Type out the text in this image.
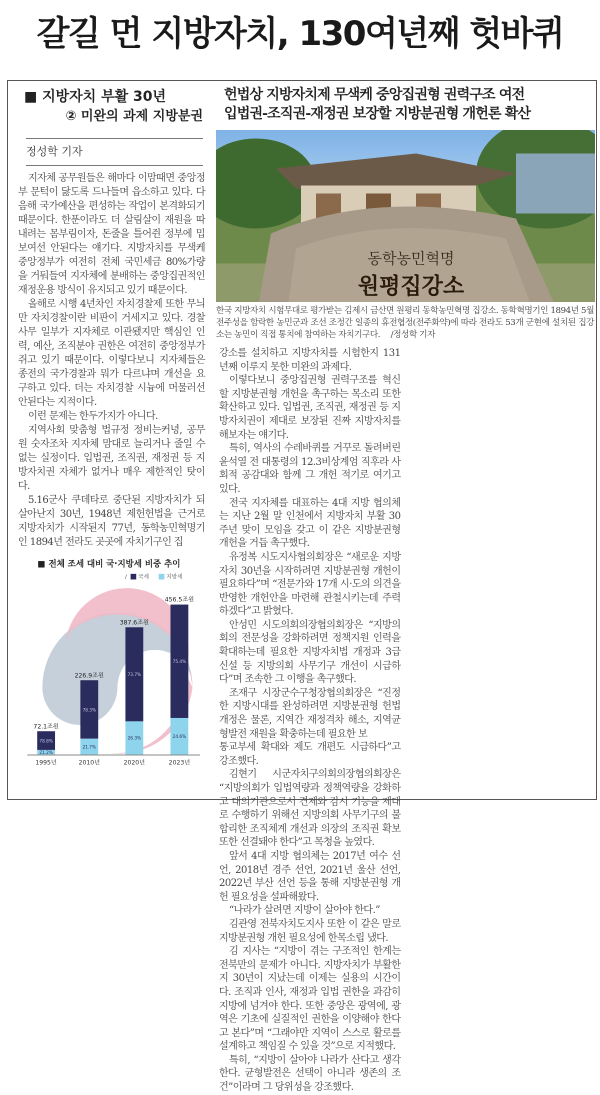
갈길 먼 지방자치, 130여년째 헛바퀴
■ 지방자치 부활 30년
② 미완의 과제 지방분권
정성학 기자

지자체 공무원들은 해마다 이맘때면 중앙정부 문턱이 닳도록 드나들며 읍소하고 있다. 다음해 국가예산을 편성하는 작업이 본격화되기 때문이다. 한푼이라도 더 살림살이 재원을 따내려는 몸부림이자, 돈줄을 틀어쥔 정부에 밉보여선 안된다는 얘기다. 지방자치를 무색케 중앙정부가 여전히 전체 국민세금 80%가량을 거둬들여 지자체에 분배하는 중앙집권적인 재정운용 방식이 유지되고 있기 때문이다.

올해로 시행 4년차인 자치경찰제 또한 무늬만 자치경찰이란 비판이 거세지고 있다. 경찰사무 일부가 지자체로 이관됐지만 핵심인 인력, 예산, 조직분야 권한은 여전히 중앙정부가 쥐고 있기 때문이다. 이렇다보니 지자체들은 종전의 국가경찰과 뭐가 다르냐며 개선을 요구하고 있다. 더는 자치경찰 시늉에 머물러선 안된다는 지적이다.

이런 문제는 한두가지가 아니다.

지역사회 맞춤형 법규정 정비는커녕, 공무원 숫자조차 지자체 맘대로 늘리거나 줄일 수 없는 실정이다. 입법권, 조직권, 재정권 등 지방자치권 자체가 없거나 매우 제한적인 탓이다.

5.16군사 쿠데타로 중단된 지방자치가 되살아난지 30년, 1948년 제헌헌법을 근거로 지방자치가 시작된지 77년, 동학농민혁명기인 1894년 전라도 곳곳에 자치기구인 집

■ 전체 조세 대비 국·지방세 비중 추이
/ 국세	지방세
78.8%
21.2%
72.1조원
1995년
78.3%
21.7%
226.9조원
2010년
73.7%
26.3%
387.6조원
2020년
75.4%
24.6%
456.5조원
2023년
헌법상 지방자치제 무색케 중앙집권형 권력구조 여전
입법권-조직권-재정권 보장할 지방분권형 개헌론 확산
동학농민혁명
원평집강소
한국 지방자치 시험무대로 평가받는 김제시 금산면 원평리 동학농민혁명 집강소. 동학혁명기인 1894년 5월 전주성을 함락한 농민군과 조선 조정간 일종의 휴전협정(전주화약)에 따라 전라도 53개 군현에 설치된 집강소는 농민이 직접 통치에 참여하는 자치기구다.　 /정성학 기자

강소를 설치하고 지방자치를 시험한지 131년째 이루지 못한 미완의 과제다.

이렇다보니 중앙집권형 권력구조를 혁신할 지방분권형 개헌을 촉구하는 목소리 또한 확산하고 있다. 입법권, 조직권, 재정권 등 지방자치권이 제대로 보장된 진짜 지방자치를 해보자는 얘기다.

특히, 역사의 수레바퀴를 거꾸로 돌려버린 윤석열 전 대통령의 12.3비상계엄 직후라 사회적 공감대와 함께 그 개헌 적기로 여기고 있다.

전국 지자체를 대표하는 4대 지방 협의체는 지난 2월 말 인천에서 지방자치 부활 30주년 맞이 모임을 갖고 이 같은 지방분권형 개헌을 거듭 촉구했다.

유정복 시도지사협의회장은 “새로운 지방자치 30년을 시작하려면 지방분권형 개헌이 필요하다”며 “전문가와 17개 시·도의 의견을 반영한 개헌안을 마련해 관철시키는데 주력하겠다”고 밝혔다.

안성민 시도의회의장협의회장은 “지방의회의 전문성을 강화하려면 정책지원 인력을 확대하는데 필요한 지방자치법 개정과 3급 신설 등 지방의회 사무기구 개선이 시급하다”며 조속한 그 이행을 촉구했다.

조재구 시장군수구청장협의회장은 “진정한 지방시대를 완성하려면 지방분권형 헌법 개정은 물론, 지역간 재정격차 해소, 지역균형발전 재원을 확충하는데 필요한 보

통교부세 확대와 제도 개편도 시급하다”고 강조했다.

김현기 시군자치구의회의장협의회장은 “지방의회가 입법역량과 정책역량을 강화하고 대의기관으로서 견제와 감시 기능을 제대로 수행하기 위해선 지방의회 사무기구의 불합리한 조직체계 개선과 의장의 조직권 확보 또한 선결돼야 한다”고 목청을 높였다.

앞서 4대 지방 협의체는 2017년 여수 선언, 2018년 경주 선언, 2021년 울산 선언, 2022년 부산 선언 등을 통해 지방분권형 개헌 필요성을 설파해왔다.

“나라가 살려면 지방이 살아야 한다.”

김관영 전북자치도지사 또한 이 같은 말로 지방분권형 개헌 필요성에 한목소립 냈다.

김 지사는 “지방이 겪는 구조적인 한계는 전북만의 문제가 아니다. 지방자치가 부활한지 30년이 지났는데 이제는 실용의 시간이다. 조직과 인사, 재정과 입법 권한을 과감히 지방에 넘겨야 한다. 또한 중앙은 광역에, 광역은 기초에 실질적인 권한을 이양해야 한다고 본다”며 “그래야만 지역이 스스로 활로를 설계하고 책임질 수 있을 것”으로 지적했다.

특히, “지방이 살아야 나라가 산다고 생각한다. 균형발전은 선택이 아니라 생존의 조건”이라며 그 당위성을 강조했다.
